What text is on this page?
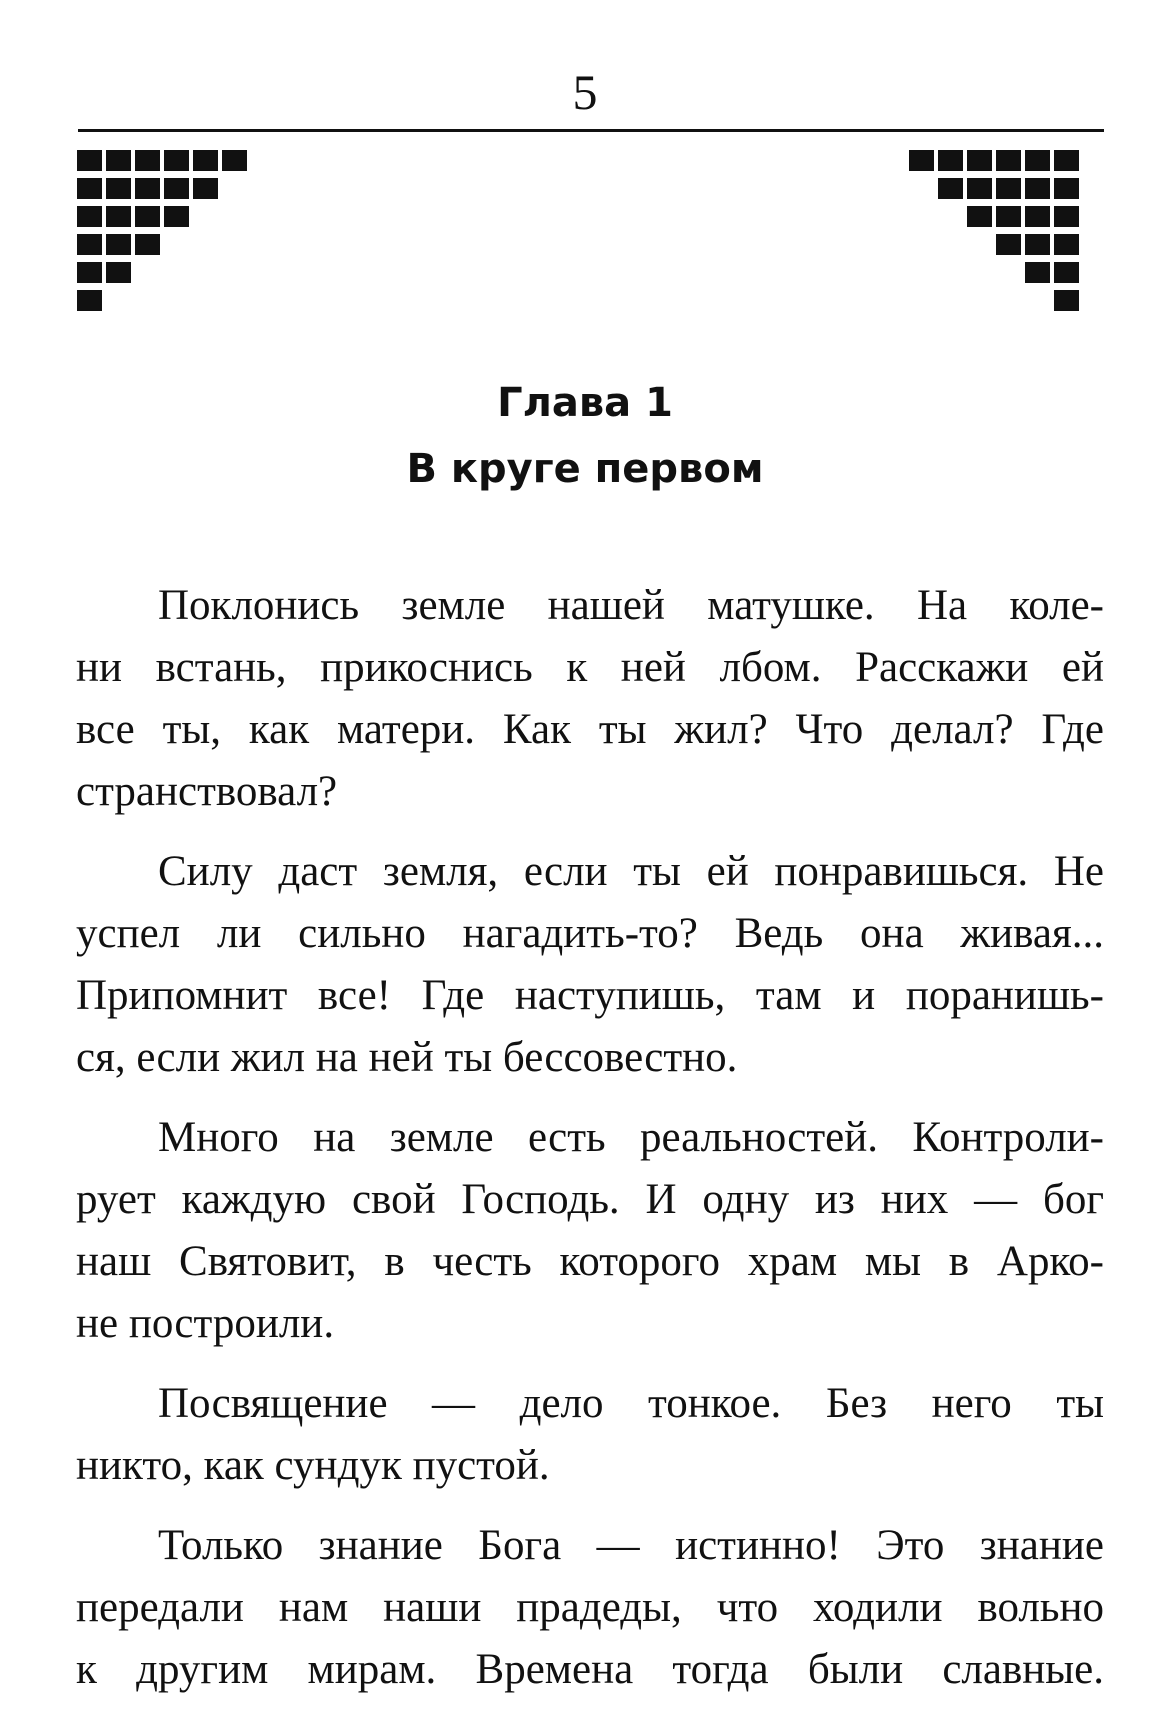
5
Глава 1
В круге первом
Поклонись земле нашей матушке. На коле-
ни встань, прикоснись к ней лбом. Расскажи ей
все ты, как матери. Как ты жил? Что делал? Где
странствовал?
Силу даст земля, если ты ей понравишься. Не
успел ли сильно нагадить-то? Ведь она живая...
Припомнит все! Где наступишь, там и поранишь-
ся, если жил на ней ты бессовестно.
Много на земле есть реальностей. Контроли-
рует каждую свой Господь. И одну из них — бог
наш Святовит, в честь которого храм мы в Арко-
не построили.
Посвящение — дело тонкое. Без него ты
никто, как сундук пустой.
Только знание Бога — истинно! Это знание
передали нам наши прадеды, что ходили вольно
к другим мирам. Времена тогда были славные.
